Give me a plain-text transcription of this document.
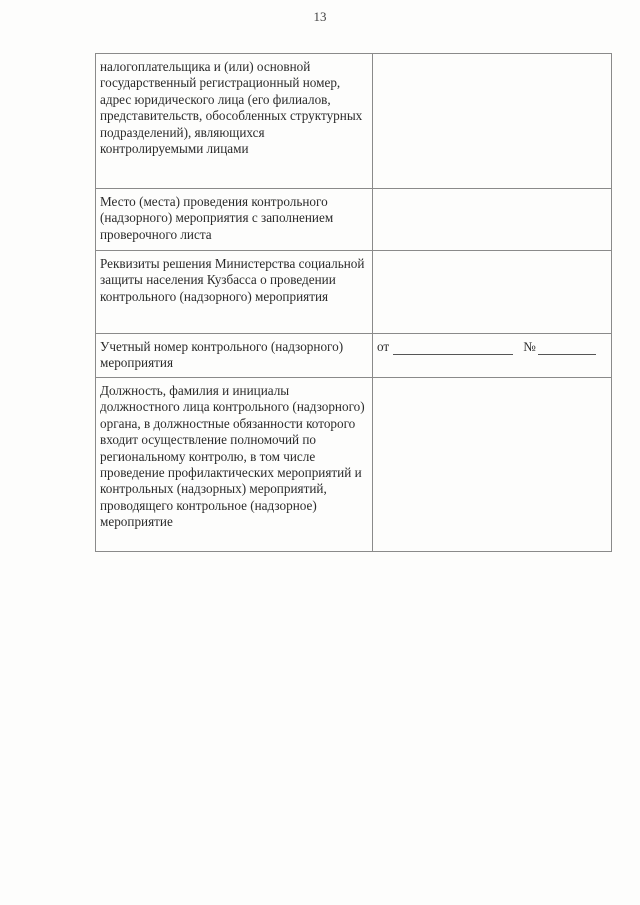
13
налогоплательщика и (или) основной государственный регистрационный номер, адрес юридического лица (его филиалов, представительств, обособленных структурных подразделений), являющихся контролируемыми лицами	
Место (места) проведения контрольного (надзорного) мероприятия с заполнением проверочного листа	
Реквизиты решения Министерства социальной защиты населения Кузбасса о проведении контрольного (надзорного) мероприятия	
Учетный номер контрольного (надзорного) мероприятия	от №

Должность, фамилия и инициалы должностного лица контрольного (надзорного) органа, в должностные обязанности которого входит осуществление полномочий по региональному контролю, в том числе проведение профилактических мероприятий и контрольных (надзорных) мероприятий, проводящего контрольное (надзорное) мероприятие	
